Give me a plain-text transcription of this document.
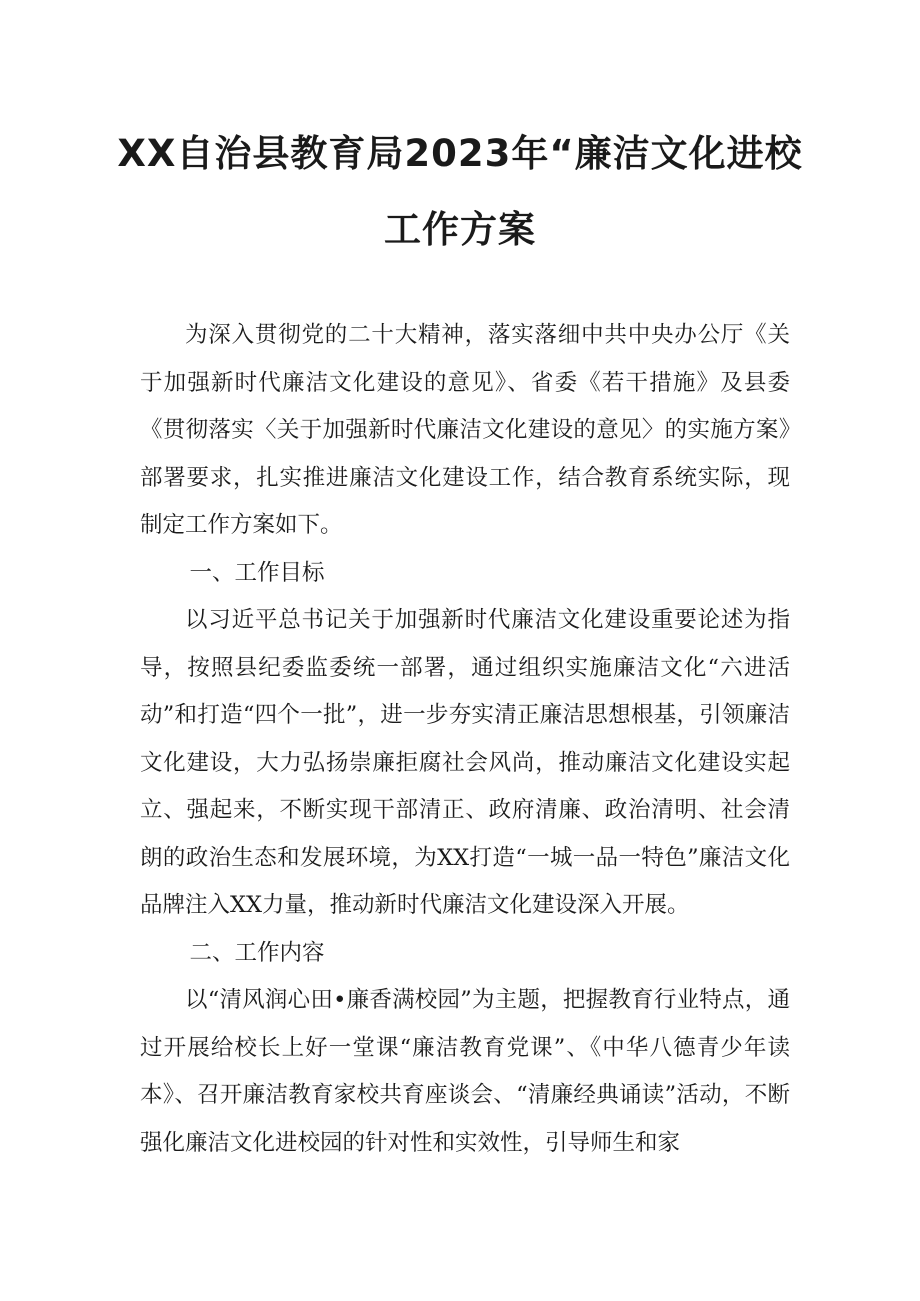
XX自治县教育局2023年“廉洁文化进校
工作方案

为深入贯彻党的二十大精神，落实落细中共中央办公厅《关于加强新时代廉洁文化建设的意见》、省委《若干措施》及县委《贯彻落实〈关于加强新时代廉洁文化建设的意见〉的实施方案》部署要求，扎实推进廉洁文化建设工作，结合教育系统实际，现制定工作方案如下。

一、工作目标

以习近平总书记关于加强新时代廉洁文化建设重要论述为指导，按照县纪委监委统一部署，通过组织实施廉洁文化“六进活动”和打造“四个一批”，进一步夯实清正廉洁思想根基，引领廉洁文化建设，大力弘扬崇廉拒腐社会风尚，推动廉洁文化建设实起立、强起来，不断实现干部清正、政府清廉、政治清明、社会清朗的政治生态和发展环境，为XX打造“一城一品一特色”廉洁文化品牌注入XX力量，推动新时代廉洁文化建设深入开展。

二、工作内容

以“清风润心田•廉香满校园”为主题，把握教育行业特点，通过开展给校长上好一堂课“廉洁教育党课”、《中华八德青少年读本》、召开廉洁教育家校共育座谈会、“清廉经典诵读”活动，不断强化廉洁文化进校园的针对性和实效性，引导师生和家
